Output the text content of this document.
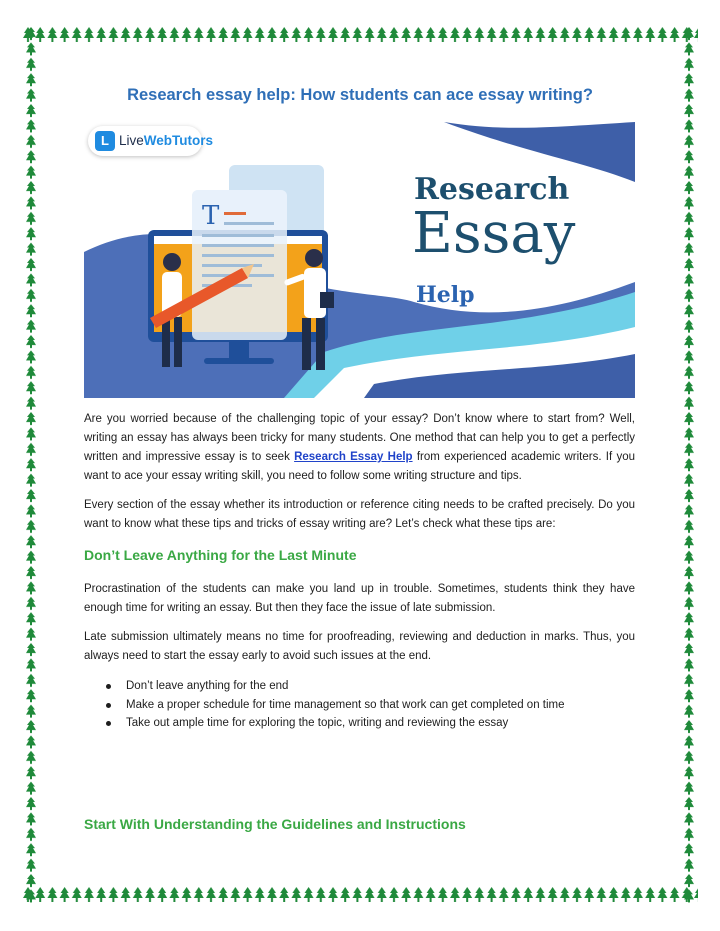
Research essay help: How students can ace essay writing?
T
L LiveWebTutors
Research
Essay
Help

Are you worried because of the challenging topic of your essay? Don’t know where to start from? Well, writing an essay has always been tricky for many students. One method that can help you to get a perfectly written and impressive essay is to seek Research Essay Help from experienced academic writers. If you want to ace your essay writing skill, you need to follow some writing structure and tips.

Every section of the essay whether its introduction or reference citing needs to be crafted precisely. Do you want to know what these tips and tricks of essay writing are? Let’s check what these tips are:

Don’t Leave Anything for the Last Minute

Procrastination of the students can make you land up in trouble. Sometimes, students think they have enough time for writing an essay. But then they face the issue of late submission.

Late submission ultimately means no time for proofreading, reviewing and deduction in marks. Thus, you always need to start the essay early to avoid such issues at the end.

Don’t leave anything for the end
Make a proper schedule for time management so that work can get completed on time
Take out ample time for exploring the topic, writing and reviewing the essay
Start With Understanding the Guidelines and Instructions
